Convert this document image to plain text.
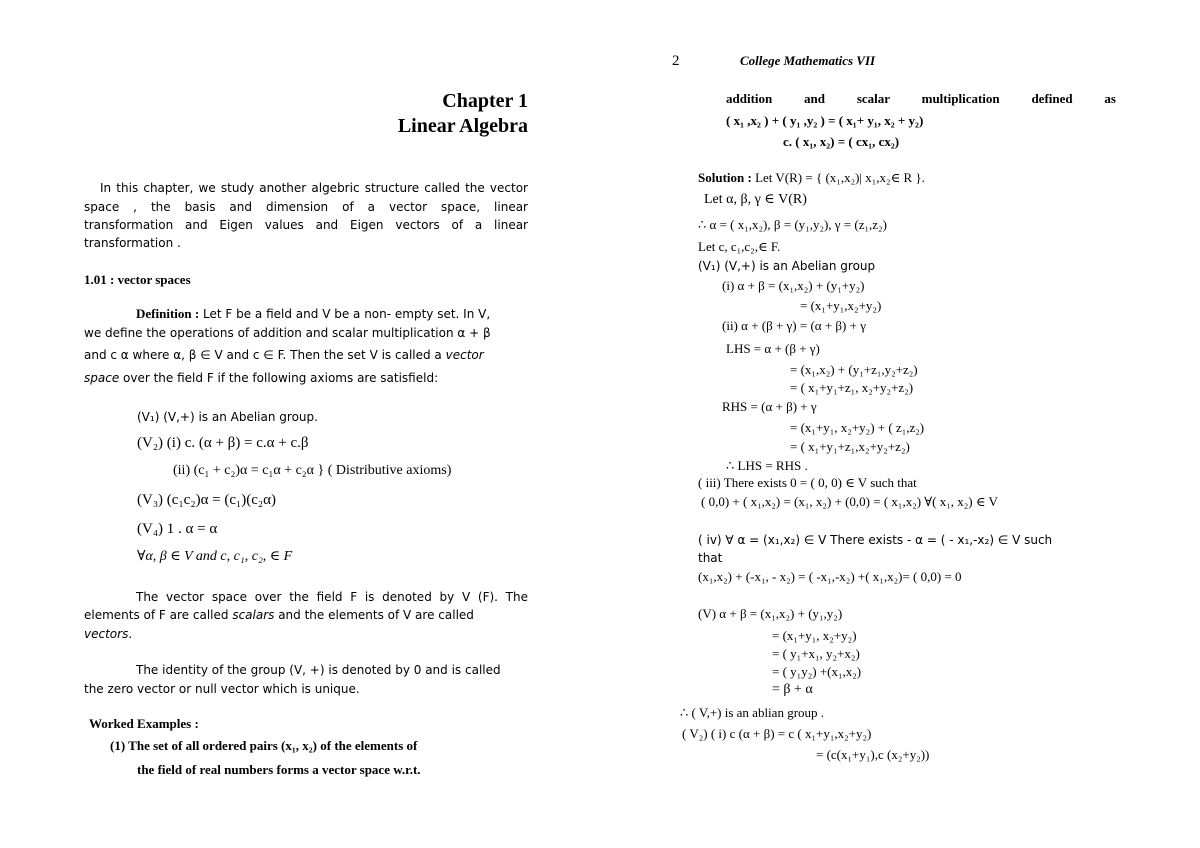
Chapter 1
Linear Algebra
In this chapter, we study another algebric structure called the vector
space , the basis and dimension of a vector space, linear
transformation and Eigen values and Eigen vectors of a linear
transformation .
1.01 : vector spaces
Definition : Let F be a field and V be a non- empty set. In V,
we define the operations of addition and scalar multiplication α + β
and c α where α, β ∈ V and c ∈ F. Then the set V is called a vector
space over the field F if the following axioms are satisfield:
(V₁) (V,+) is an Abelian group.
(V₂) (i) c. (α + β) = c.α + c.β
(ii) (c₁ + c₂)α = c₁α + c₂α } ( Distributive axioms)
(V₃) (c₁c₂)α = (c₁)(c₂α)
(V₄) 1 . α = α
∀α, β ∈ V and c, c₁, c₂, ∈ F
The vector space over the field F is denoted by V (F). The
elements of F are called scalars and the elements of V are called
vectors.
The identity of the group (V, +) is denoted by 0 and is called
the zero vector or null vector which is unique.
Worked Examples :
(1) The set of all ordered pairs (x₁, x₂) of the elements of
the field of real numbers forms a vector space w.r.t.
2	College Mathematics VII
addition and scalar multiplication defined as
( x₁ ,x₂ ) + ( y₁ ,y₂ ) = ( x₁+ y₁, x₂ + y₂)
c. ( x₁, x₂) = ( cx₁, cx₂)
Solution : Let V(R) = { (x₁,x₂)| x₁,x₂∈ R }.
Let α, β, γ ∈ V(R)
∴ α = ( x₁,x₂), β = (y₁,y₂), γ = (z₁,z₂)
Let c, c₁,c₂,∈ F.
(V₁) (V,+) is an Abelian group
(i) α + β = (x₁,x₂) + (y₁+y₂)
= (x₁+y₁,x₂+y₂)
(ii) α + (β + γ) = (α + β) + γ
LHS = α + (β + γ)
= (x₁,x₂) + (y₁+z₁,y₂+z₂)
= ( x₁+y₁+z₁, x₂+y₂+z₂)
RHS = (α + β) + γ
= (x₁+y₁, x₂+y₂) + ( z₁,z₂)
= ( x₁+y₁+z₁,x₂+y₂+z₂)
∴ LHS = RHS .
( iii) There exists 0 = ( 0, 0) ∈ V such that
( 0,0) + ( x₁,x₂) = (x₁, x₂) + (0,0) = ( x₁,x₂) ∀( x₁, x₂) ∈ V
( iv) ∀ α = (x₁,x₂) ∈ V There exists - α = ( - x₁,-x₂) ∈ V such
that
(x₁,x₂) + (-x₁, - x₂) = ( -x₁,-x₂) +( x₁,x₂)= ( 0,0) = 0
(V) α + β = (x₁,x₂) + (y₁,y₂)
= (x₁+y₁, x₂+y₂)
= ( y₁+x₁, y₂+x₂)
= ( y₁y₂) +(x₁,x₂)
= β + α
∴ ( V,+) is an ablian group .
( V₂) ( i) c (α + β) = c ( x₁+y₁,x₂+y₂)
= (c(x₁+y₁),c (x₂+y₂))
